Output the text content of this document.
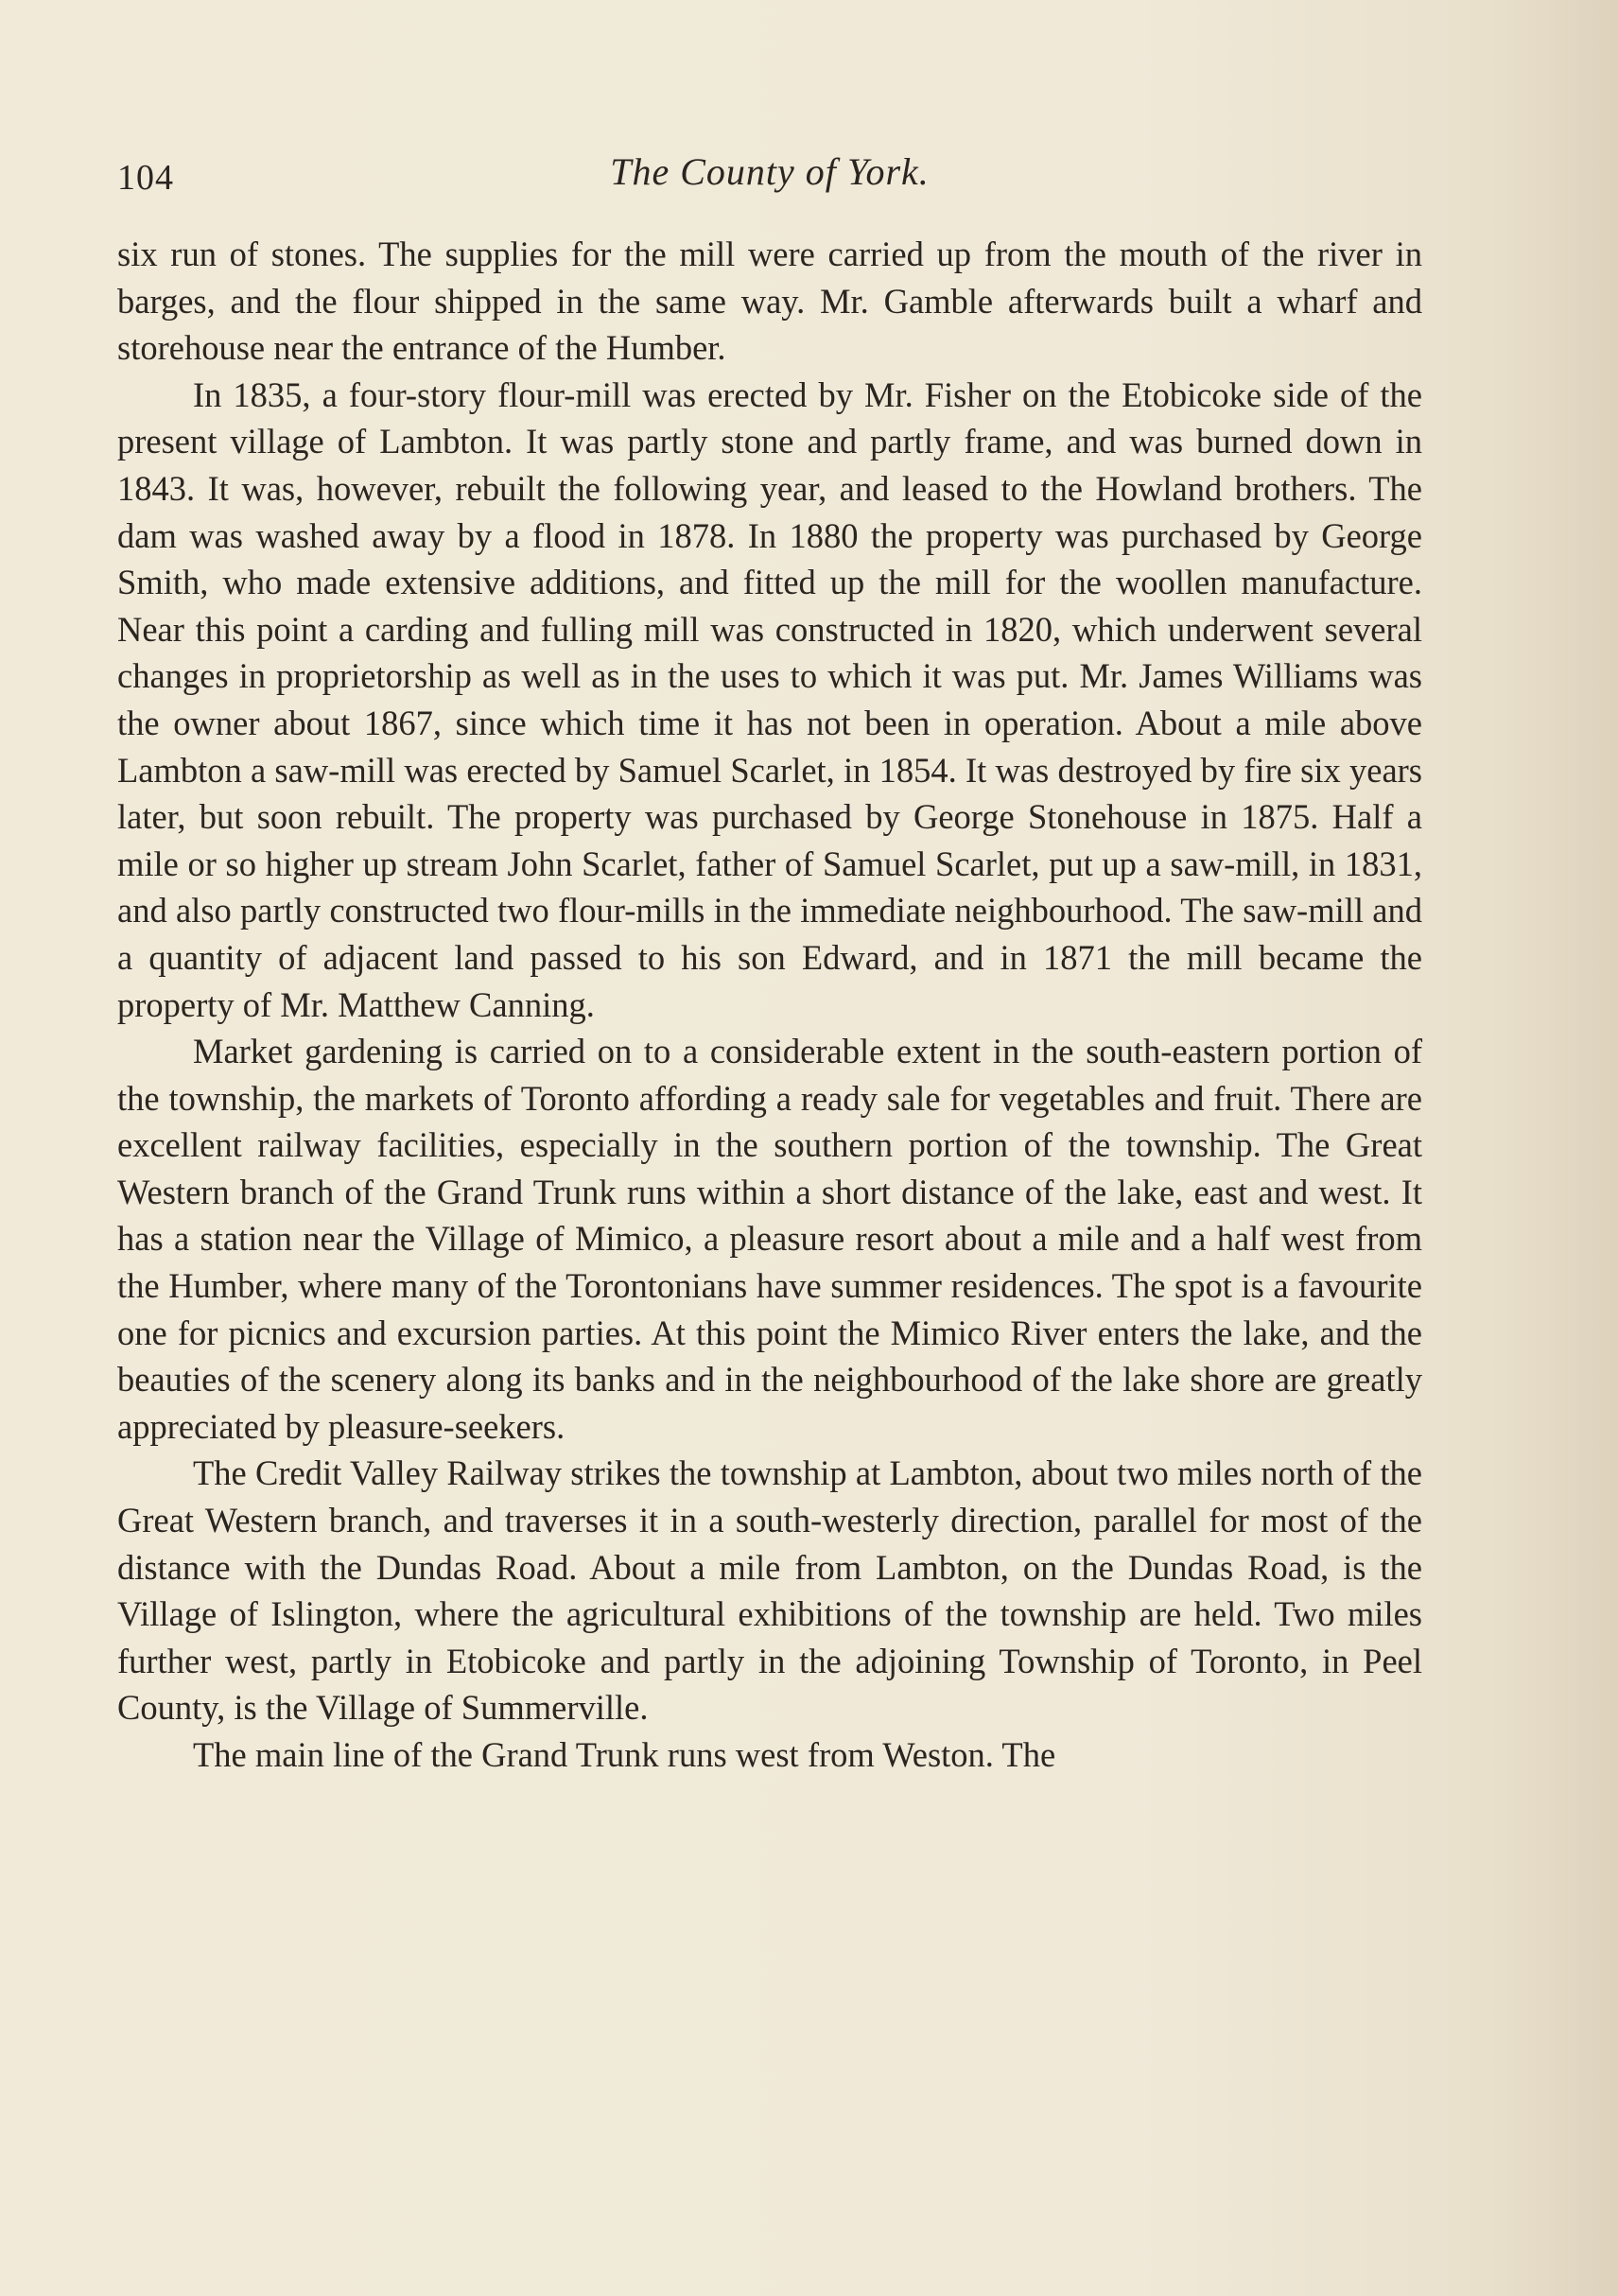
104	The County of York.

six run of stones. The supplies for the mill were carried up from the mouth of the river in barges, and the flour shipped in the same way. Mr. Gamble afterwards built a wharf and storehouse near the entrance of the Humber.

In 1835, a four-story flour-mill was erected by Mr. Fisher on the Etobicoke side of the present village of Lambton. It was partly stone and partly frame, and was burned down in 1843. It was, however, rebuilt the following year, and leased to the Howland brothers. The dam was washed away by a flood in 1878. In 1880 the property was purchased by George Smith, who made extensive additions, and fitted up the mill for the woollen manufacture. Near this point a carding and fulling mill was constructed in 1820, which underwent several changes in proprietorship as well as in the uses to which it was put. Mr. James Williams was the owner about 1867, since which time it has not been in operation. About a mile above Lambton a saw-mill was erected by Samuel Scarlet, in 1854. It was destroyed by fire six years later, but soon rebuilt. The property was purchased by George Stonehouse in 1875. Half a mile or so higher up stream John Scarlet, father of Samuel Scarlet, put up a saw-mill, in 1831, and also partly constructed two flour-mills in the immediate neighbourhood. The saw-mill and a quantity of adjacent land passed to his son Edward, and in 1871 the mill became the property of Mr. Matthew Canning.

Market gardening is carried on to a considerable extent in the south-eastern portion of the township, the markets of Toronto affording a ready sale for vegetables and fruit. There are excellent railway facilities, especially in the southern portion of the township. The Great Western branch of the Grand Trunk runs within a short distance of the lake, east and west. It has a station near the Village of Mimico, a pleasure resort about a mile and a half west from the Humber, where many of the Torontonians have summer residences. The spot is a favourite one for picnics and excursion parties. At this point the Mimico River enters the lake, and the beauties of the scenery along its banks and in the neighbourhood of the lake shore are greatly appreciated by pleasure-seekers.

The Credit Valley Railway strikes the township at Lambton, about two miles north of the Great Western branch, and traverses it in a south-westerly direction, parallel for most of the distance with the Dundas Road. About a mile from Lambton, on the Dundas Road, is the Village of Islington, where the agricultural exhibitions of the township are held. Two miles further west, partly in Etobicoke and partly in the adjoining Township of Toronto, in Peel County, is the Village of Summerville.

The main line of the Grand Trunk runs west from Weston. The
